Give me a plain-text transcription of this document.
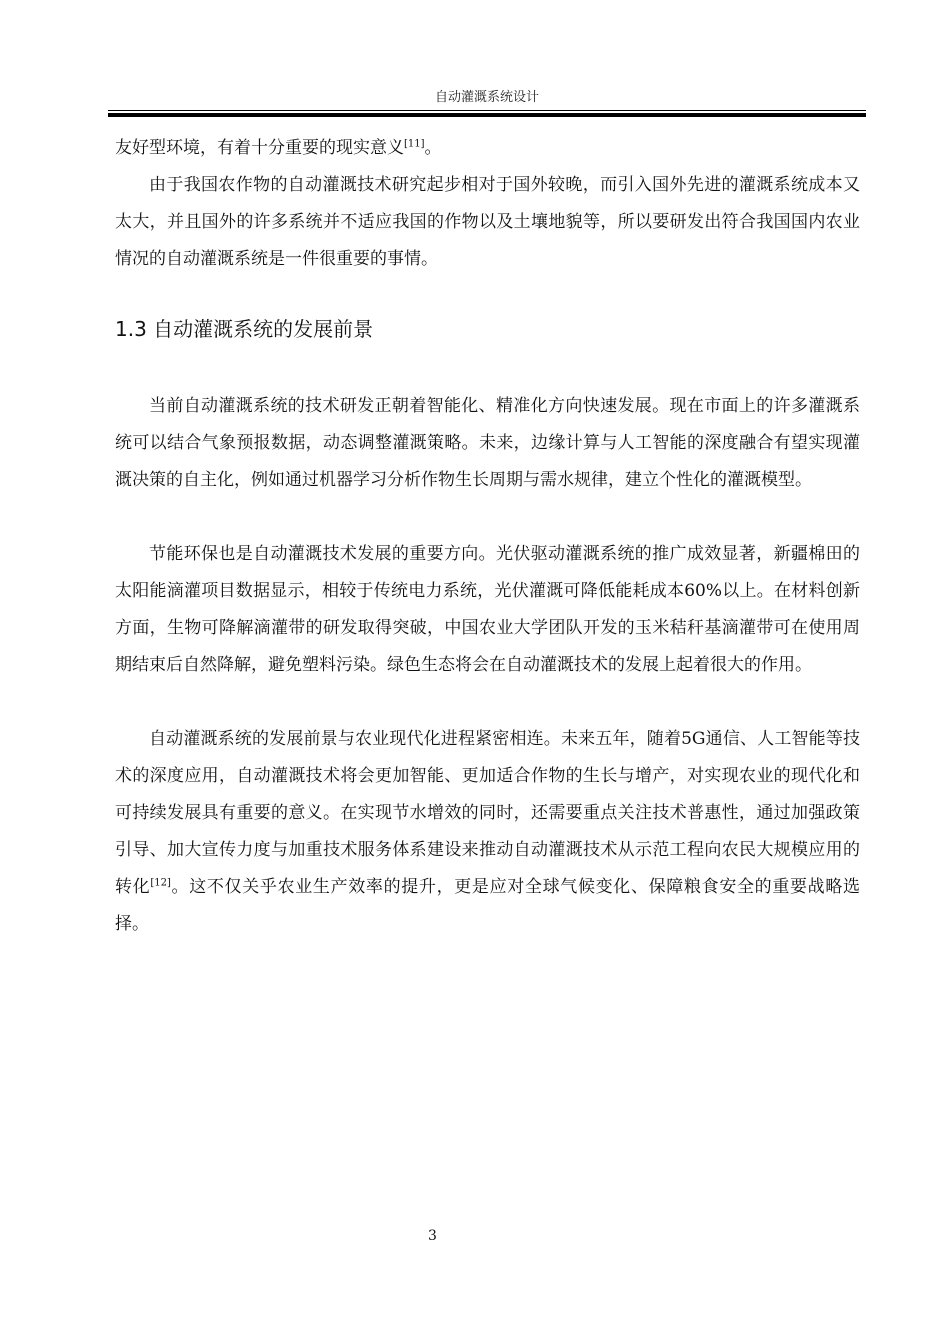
自动灌溉系统设计

友好型环境，有着十分重要的现实意义[11]。

由于我国农作物的自动灌溉技术研究起步相对于国外较晚，而引入国外先进的灌溉系统成本又太大，并且国外的许多系统并不适应我国的作物以及土壤地貌等，所以要研发出符合我国国内农业情况的自动灌溉系统是一件很重要的事情。

1.3 自动灌溉系统的发展前景

当前自动灌溉系统的技术研发正朝着智能化、精准化方向快速发展。现在市面上的许多灌溉系统可以结合气象预报数据，动态调整灌溉策略。未来，边缘计算与人工智能的深度融合有望实现灌溉决策的自主化，例如通过机器学习分析作物生长周期与需水规律，建立个性化的灌溉模型。

节能环保也是自动灌溉技术发展的重要方向。光伏驱动灌溉系统的推广成效显著，新疆棉田的太阳能滴灌项目数据显示，相较于传统电力系统，光伏灌溉可降低能耗成本60%以上。在材料创新方面，生物可降解滴灌带的研发取得突破，中国农业大学团队开发的玉米秸秆基滴灌带可在使用周期结束后自然降解，避免塑料污染。绿色生态将会在自动灌溉技术的发展上起着很大的作用。

自动灌溉系统的发展前景与农业现代化进程紧密相连。未来五年，随着5G通信、人工智能等技术的深度应用，自动灌溉技术将会更加智能、更加适合作物的生长与增产，对实现农业的现代化和可持续发展具有重要的意义。在实现节水增效的同时，还需要重点关注技术普惠性，通过加强政策引导、加大宣传力度与加重技术服务体系建设来推动自动灌溉技术从示范工程向农民大规模应用的转化[12]。这不仅关乎农业生产效率的提升，更是应对全球气候变化、保障粮食安全的重要战略选择。

3
